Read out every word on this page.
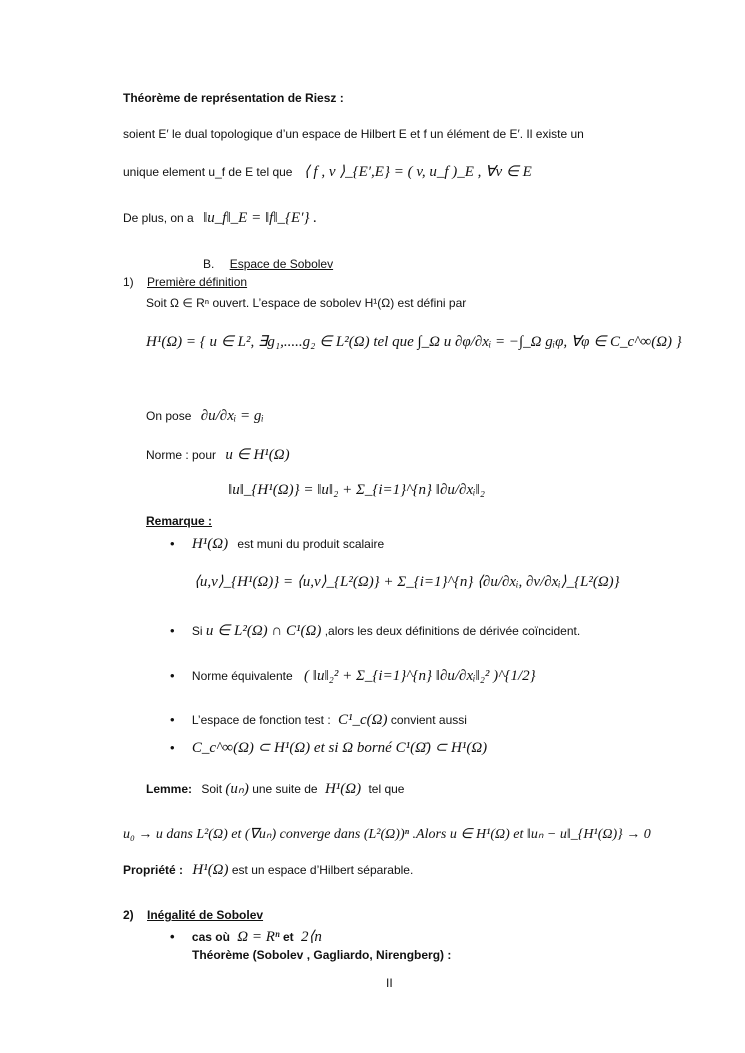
Théorème de représentation de Riesz :
soient E′ le dual topologique d’un espace de Hilbert E et f un élément de E′. Il existe un
unique element u_f de E tel que ⟨ f , v ⟩_{E′,E} = ( v, u_f )_E , ∀v ∈ E
De plus, on a ‖u_f‖_E = ‖f‖_{E′} .
B. Espace de Sobolev
1) Première définition
Soit Ω ∈ Rⁿ ouvert. L’espace de sobolev H¹(Ω) est défini par
H¹(Ω) = { u ∈ L², ∃g₁,.....g₂ ∈ L²(Ω) tel que ∫_Ω u ∂φ/∂xᵢ = −∫_Ω gᵢφ, ∀φ ∈ C_c^∞(Ω) }
On pose ∂u/∂xᵢ = gᵢ
Norme : pour u ∈ H¹(Ω)
‖u‖_{H¹(Ω)} = ‖u‖₂ + Σ_{i=1}^{n} ‖∂u/∂xᵢ‖₂
Remarque :
• H¹(Ω) est muni du produit scalaire
⟨u,v⟩_{H¹(Ω)} = ⟨u,v⟩_{L²(Ω)} + Σ_{i=1}^{n} ⟨∂u/∂xᵢ, ∂v/∂xᵢ⟩_{L²(Ω)}
• Si u ∈ L²(Ω) ∩ C¹(Ω) ,alors les deux définitions de dérivée coïncident.
• Norme équivalente ( ‖u‖₂² + Σ_{i=1}^{n} ‖∂u/∂xᵢ‖₂² )^{1/2}
• L’espace de fonction test : C¹_c(Ω) convient aussi
• C_c^∞(Ω) ⊂ H¹(Ω) et si Ω borné C¹(Ω̄) ⊂ H¹(Ω)
Lemme: Soit (uₙ) une suite de H¹(Ω) tel que
u₀ → u dans L²(Ω) et (∇uₙ) converge dans (L²(Ω))ⁿ .Alors u ∈ H¹(Ω) et ‖uₙ − u‖_{H¹(Ω)} → 0
Propriété : H¹(Ω) est un espace d’Hilbert séparable.
2) Inégalité de Sobolev
• cas où Ω = Rⁿ et 2⟨n
Théorème (Sobolev , Gagliardo, Nirengberg) :
II
